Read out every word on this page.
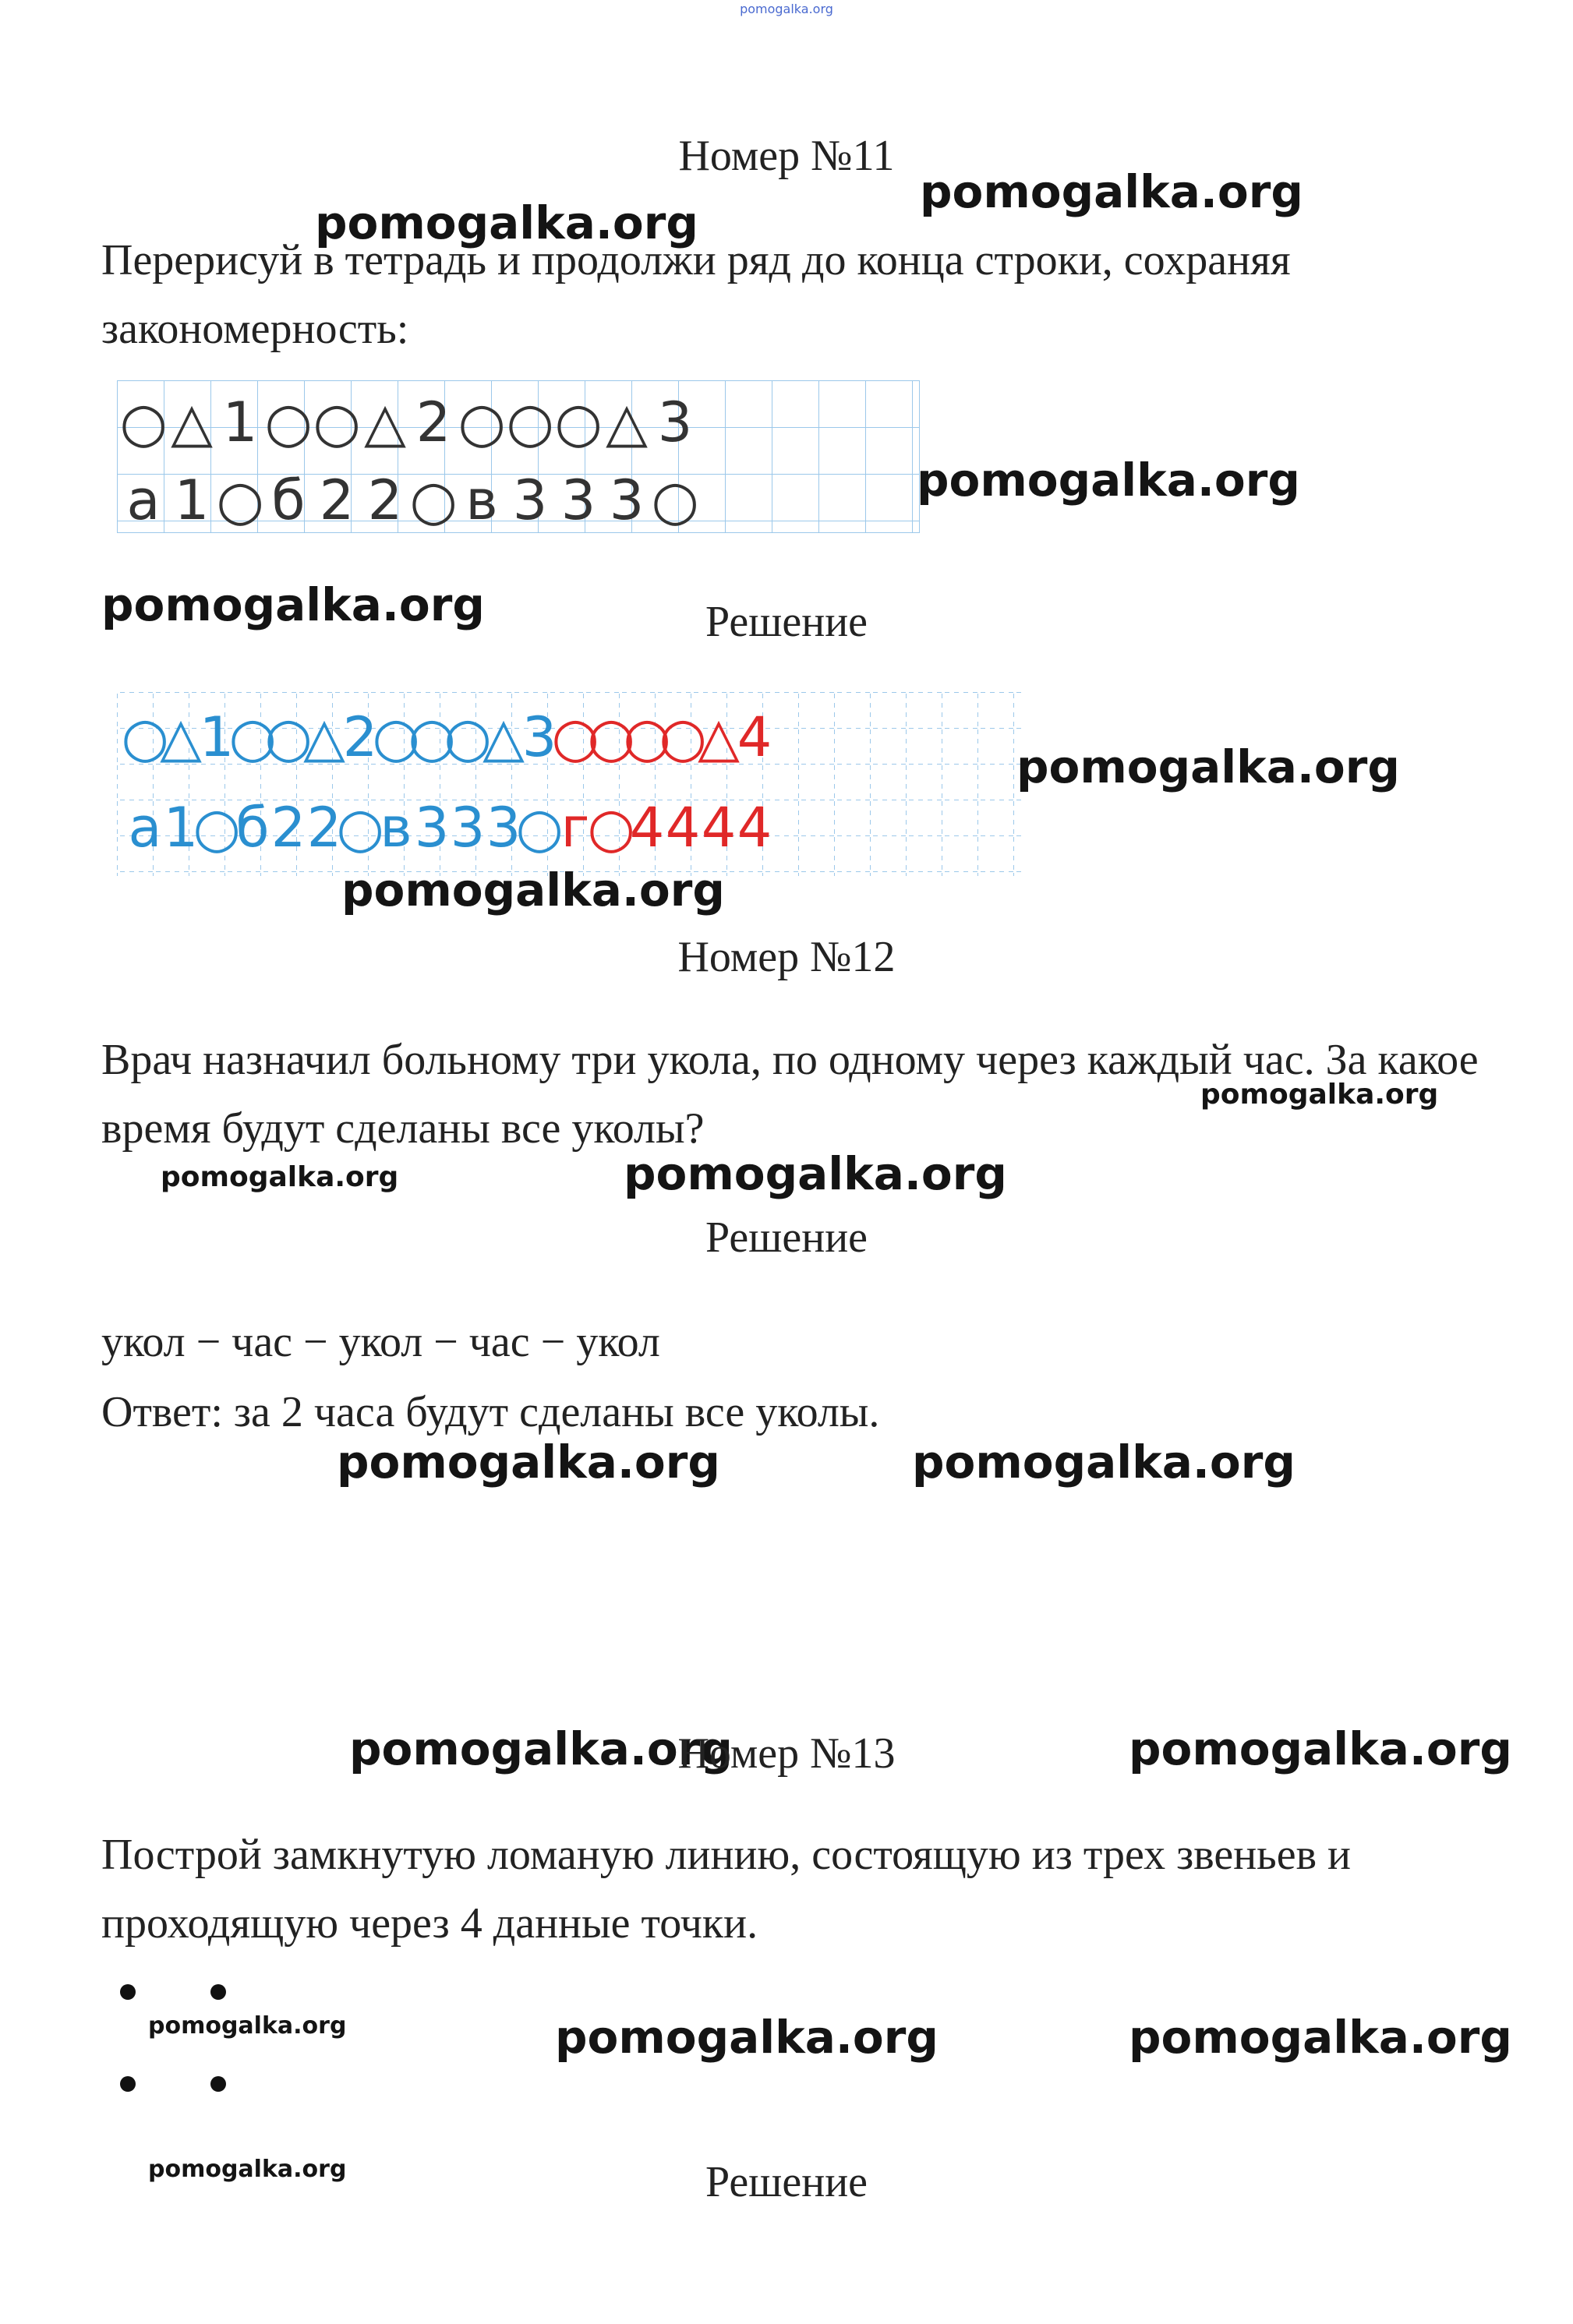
pomogalka.org
Номер №11
pomogalka.org
pomogalka.org
Перерисуй в тетрадь и продолжи ряд до конца строки, сохраняя закономерность:
○ △ 1 ○ ○ △ 2 ○ ○ ○ △ 3
а 1 ○ б 2 2 ○ в 3 3 3 ○	pomogalka.org
pomogalka.org	Решение
○
△
1
○
○
△
2
○
○
○
△
3
○
○
○
○
△
4
а 1
○
б 2 2
○
в 3 3 3
○
г
○
4 4 4 4
pomogalka.org
pomogalka.org
Номер №12
Врач назначил больному три укола, по одному через каждый час. За какое время будут сделаны все уколы?
pomogalka.org
pomogalka.org	pomogalka.org
Решение
укол − час − укол − час − укол
Ответ: за 2 часа будут сделаны все уколы.
pomogalka.org	pomogalka.org
pomogalka.org
Номер №13	pomogalka.org
Построй замкнутую ломаную линию, состоящую из трех звеньев и проходящую через 4 данные точки.
pomogalka.org	pomogalka.org	pomogalka.org
pomogalka.org	Решение
